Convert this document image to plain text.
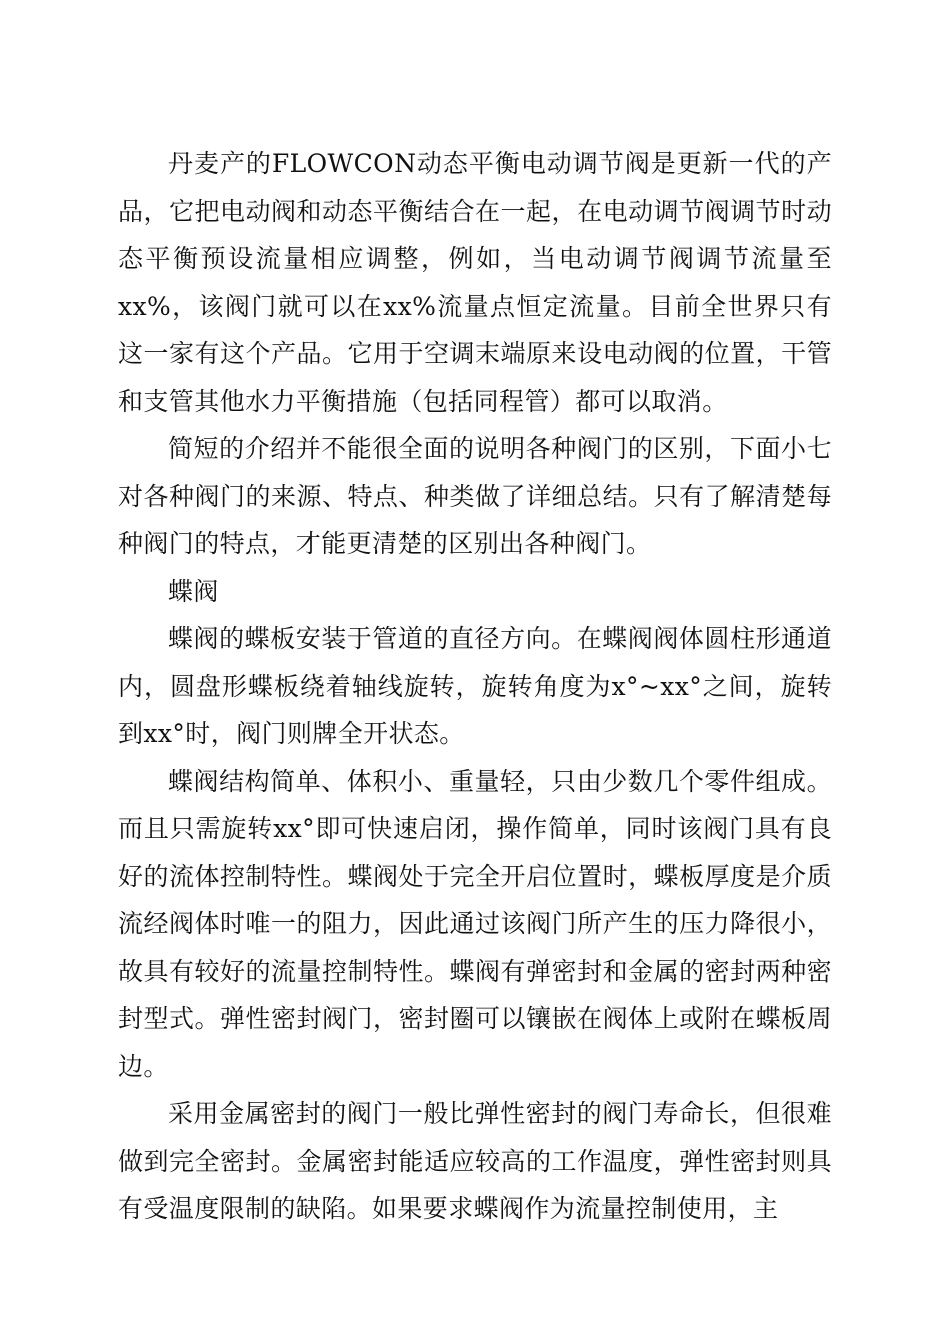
丹麦产的FLOWCON动态平衡电动调节阀是更新一代的产品，它把电动阀和动态平衡结合在一起，在电动调节阀调节时动态平衡预设流量相应调整，例如，当电动调节阀调节流量至xx%，该阀门就可以在xx%流量点恒定流量。目前全世界只有这一家有这个产品。它用于空调末端原来设电动阀的位置，干管和支管其他水力平衡措施（包括同程管）都可以取消。

简短的介绍并不能很全面的说明各种阀门的区别，下面小七对各种阀门的来源、特点、种类做了详细总结。只有了解清楚每种阀门的特点，才能更清楚的区别出各种阀门。

蝶阀

蝶阀的蝶板安装于管道的直径方向。在蝶阀阀体圆柱形通道内，圆盘形蝶板绕着轴线旋转，旋转角度为x°~xx°之间，旋转到xx°时，阀门则牌全开状态。

蝶阀结构简单、体积小、重量轻，只由少数几个零件组成。而且只需旋转xx°即可快速启闭，操作简单，同时该阀门具有良好的流体控制特性。蝶阀处于完全开启位置时，蝶板厚度是介质流经阀体时唯一的阻力，因此通过该阀门所产生的压力降很小，故具有较好的流量控制特性。蝶阀有弹密封和金属的密封两种密封型式。弹性密封阀门，密封圈可以镶嵌在阀体上或附在蝶板周边。

采用金属密封的阀门一般比弹性密封的阀门寿命长，但很难做到完全密封。金属密封能适应较高的工作温度，弹性密封则具有受温度限制的缺陷。如果要求蝶阀作为流量控制使用，主
